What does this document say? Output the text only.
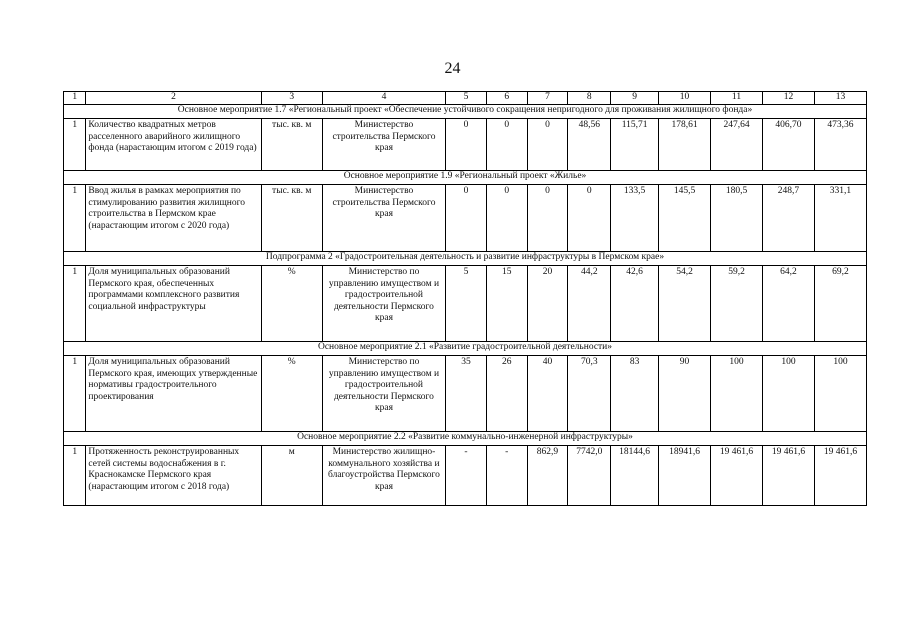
24
1	2	3	4	5	6	7	8	9	10	11	12	13
Основное мероприятие 1.7 «Региональный проект «Обеспечение устойчивого сокращения непригодного для проживания жилищного фонда»												
1	Количество квадратных метров расселенного аварийного жилищного фонда (нарастающим итогом с 2019 года)	тыс. кв. м	Министерство строительства Пермского края	0	0	0	48,56	115,71	178,61	247,64	406,70	473,36
Основное мероприятие 1.9 «Региональный проект «Жилье»												
1	Ввод жилья в рамках мероприятия по стимулированию развития жилищного строительства в Пермском крае (нарастающим итогом с 2020 года)	тыс. кв. м	Министерство строительства Пермского края	0	0	0	0	133,5	145,5	180,5	248,7	331,1
Подпрограмма 2 «Градостроительная деятельность и развитие инфраструктуры в Пермском крае»												
1	Доля муниципальных образований Пермского края, обеспеченных программами комплексного развития социальной инфраструктуры	%	Министерство по управлению имуществом и градостроительной деятельности Пермского края	5	15	20	44,2	42,6	54,2	59,2	64,2	69,2
Основное мероприятие 2.1 «Развитие градостроительной деятельности»												
1	Доля муниципальных образований Пермского края, имеющих утвержденные нормативы градостроительного проектирования	%	Министерство по управлению имуществом и градостроительной деятельности Пермского края	35	26	40	70,3	83	90	100	100	100
Основное мероприятие 2.2 «Развитие коммунально-инженерной инфраструктуры»												
1	Протяженность реконструированных сетей системы водоснабжения в г. Краснокамске Пермского края (нарастающим итогом с 2018 года)	м	Министерство жилищно-коммунального хозяйства и благоустройства Пермского края	-	-	862,9	7742,0	18144,6	18941,6	19 461,6	19 461,6	19 461,6
